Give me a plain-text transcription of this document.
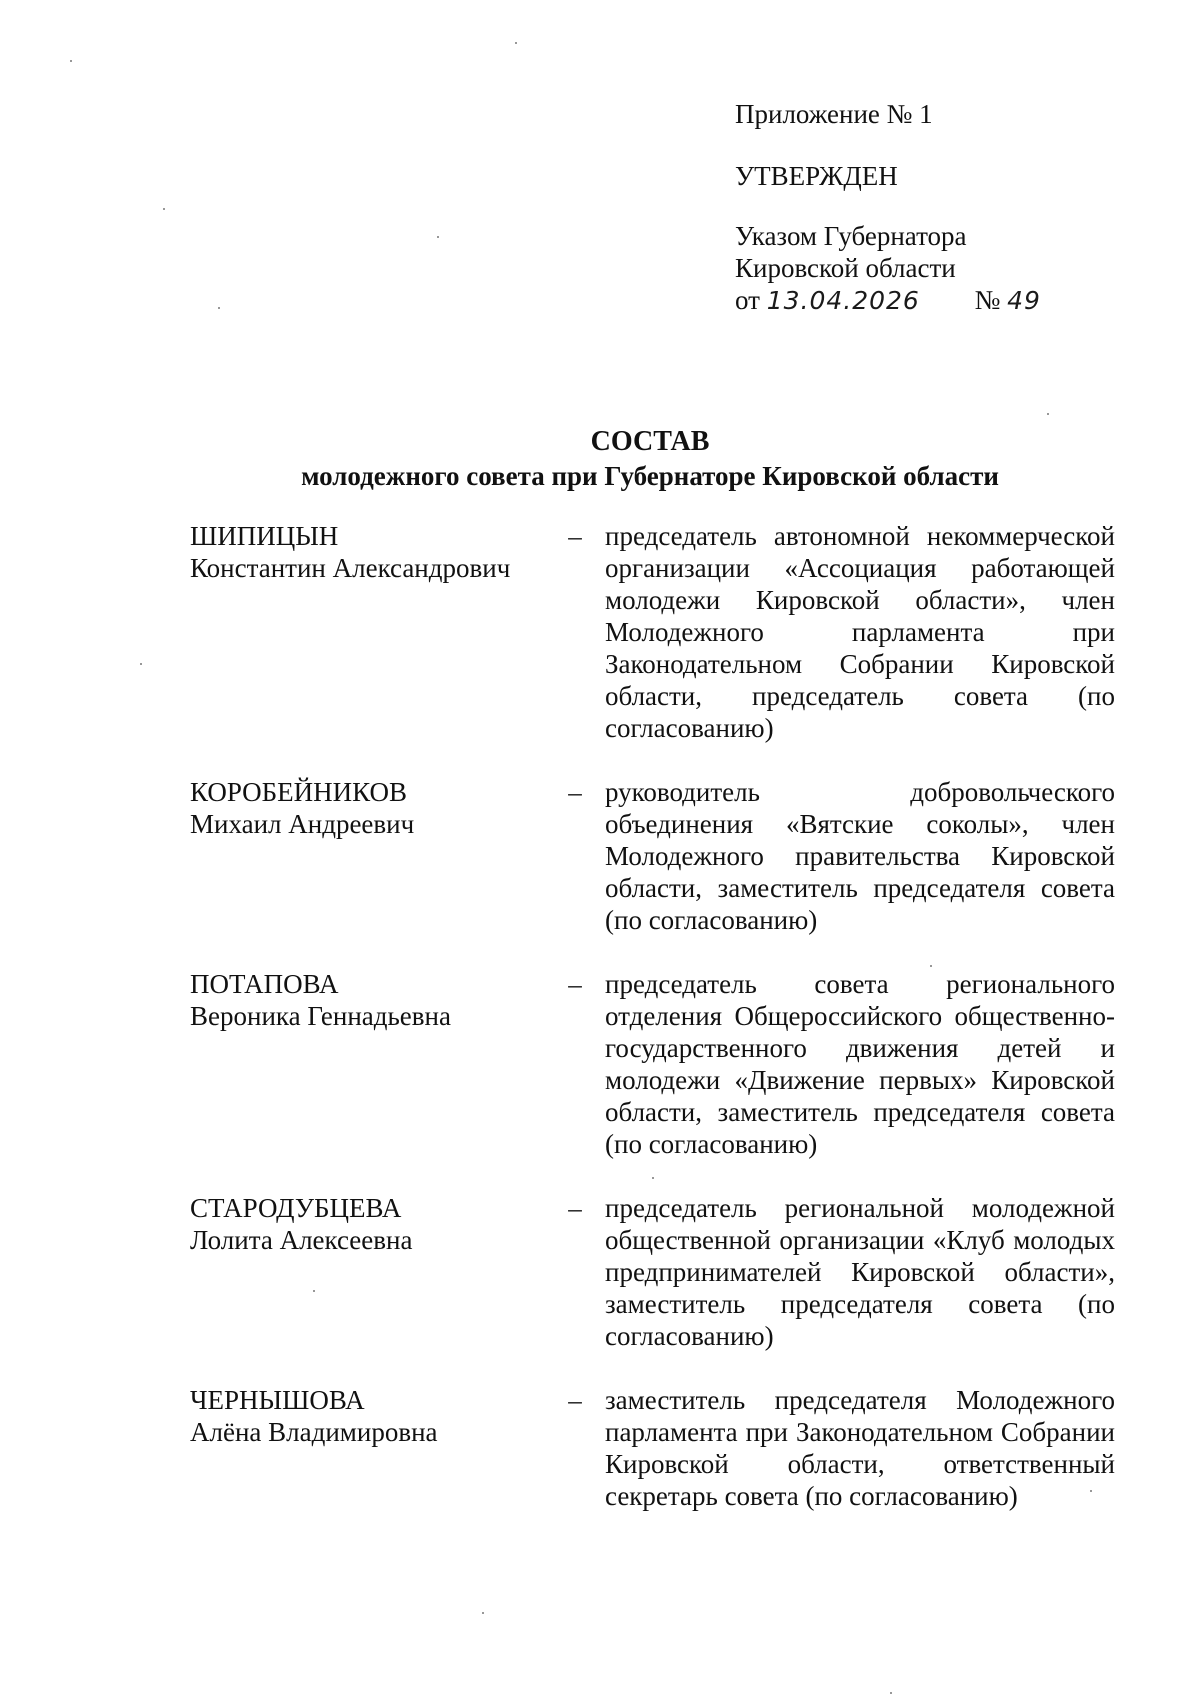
Приложение № 1
УТВЕРЖДЕН
Указом Губернатора
Кировской области
от 13.04.2026 № 49
СОСТАВ
молодежного совета при Губернаторе Кировской области
ШИПИЦЫН
Константин Александрович
– председатель автономной некоммерческой организации «Ассоциация работающей молодежи Кировской области», член Молодежного парламента при Законодательном Собрании Кировской области, председатель совета (по согласованию)
КОРОБЕЙНИКОВ
Михаил Андреевич
– руководитель добровольческого объединения «Вятские соколы», член Молодежного правительства Кировской области, заместитель председателя совета (по согласованию)
ПОТАПОВА
Вероника Геннадьевна
– председатель совета регионального отделения Общероссийского общественно-государственного движения детей и молодежи «Движение первых» Кировской области, заместитель председателя совета (по согласованию)
СТАРОДУБЦЕВА
Лолита Алексеевна
– председатель региональной молодежной общественной организации «Клуб молодых предпринимателей Кировской области», заместитель председателя совета (по согласованию)
ЧЕРНЫШОВА
Алёна Владимировна
– заместитель председателя Молодежного парламента при Законодательном Собрании Кировской области, ответственный секретарь совета (по согласованию)
